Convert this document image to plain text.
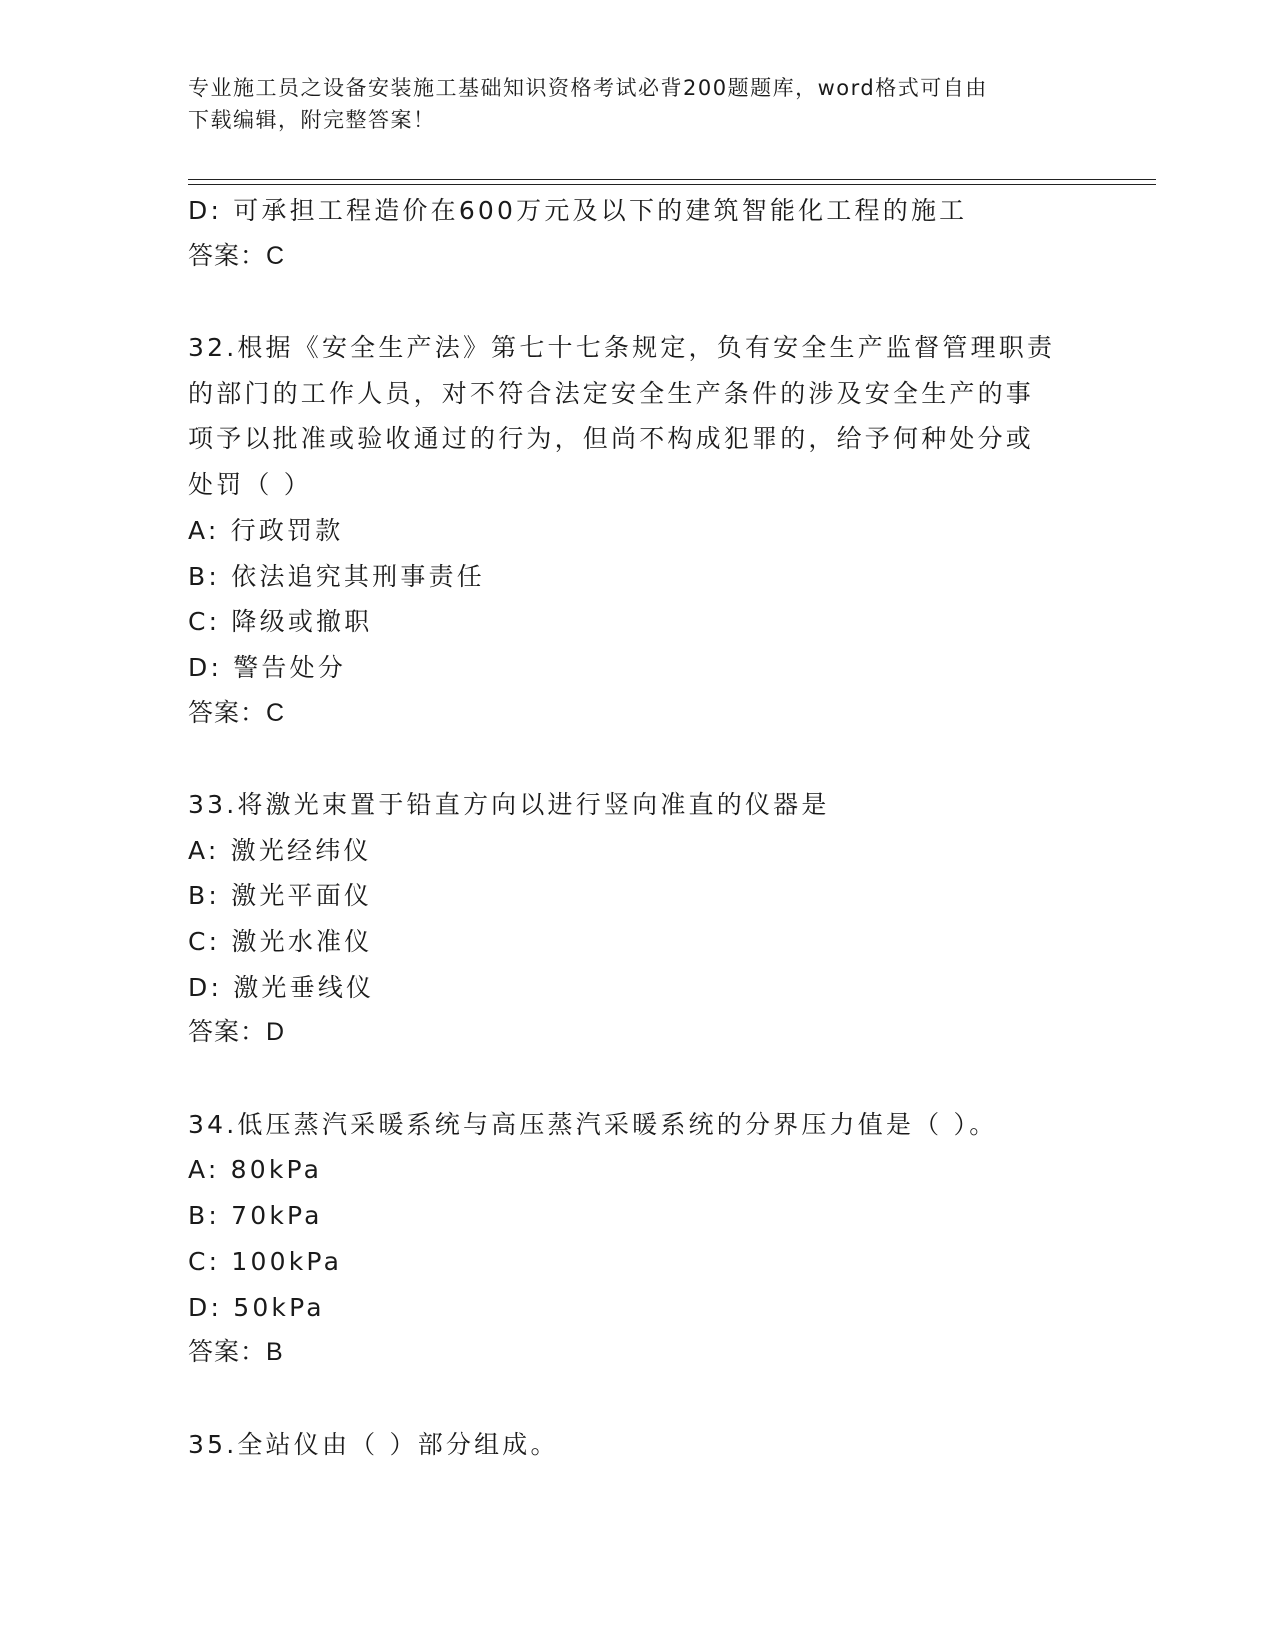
专业施工员之设备安装施工基础知识资格考试必背200题题库，word格式可自由
下载编辑，附完整答案！
D: 可承担工程造价在600万元及以下的建筑智能化工程的施工
答案：C
32.根据《安全生产法》第七十七条规定，负有安全生产监督管理职责
的部门的工作人员，对不符合法定安全生产条件的涉及安全生产的事
项予以批准或验收通过的行为，但尚不构成犯罪的，给予何种处分或
处罚（ ）
A: 行政罚款
B: 依法追究其刑事责任
C: 降级或撤职
D: 警告处分
答案：C
33.将激光束置于铅直方向以进行竖向准直的仪器是
A: 激光经纬仪
B: 激光平面仪
C: 激光水准仪
D: 激光垂线仪
答案：D
34.低压蒸汽采暖系统与高压蒸汽采暖系统的分界压力值是（ ）。
A: 80kPa
B: 70kPa
C: 100kPa
D: 50kPa
答案：B
35.全站仪由（ ）部分组成。
